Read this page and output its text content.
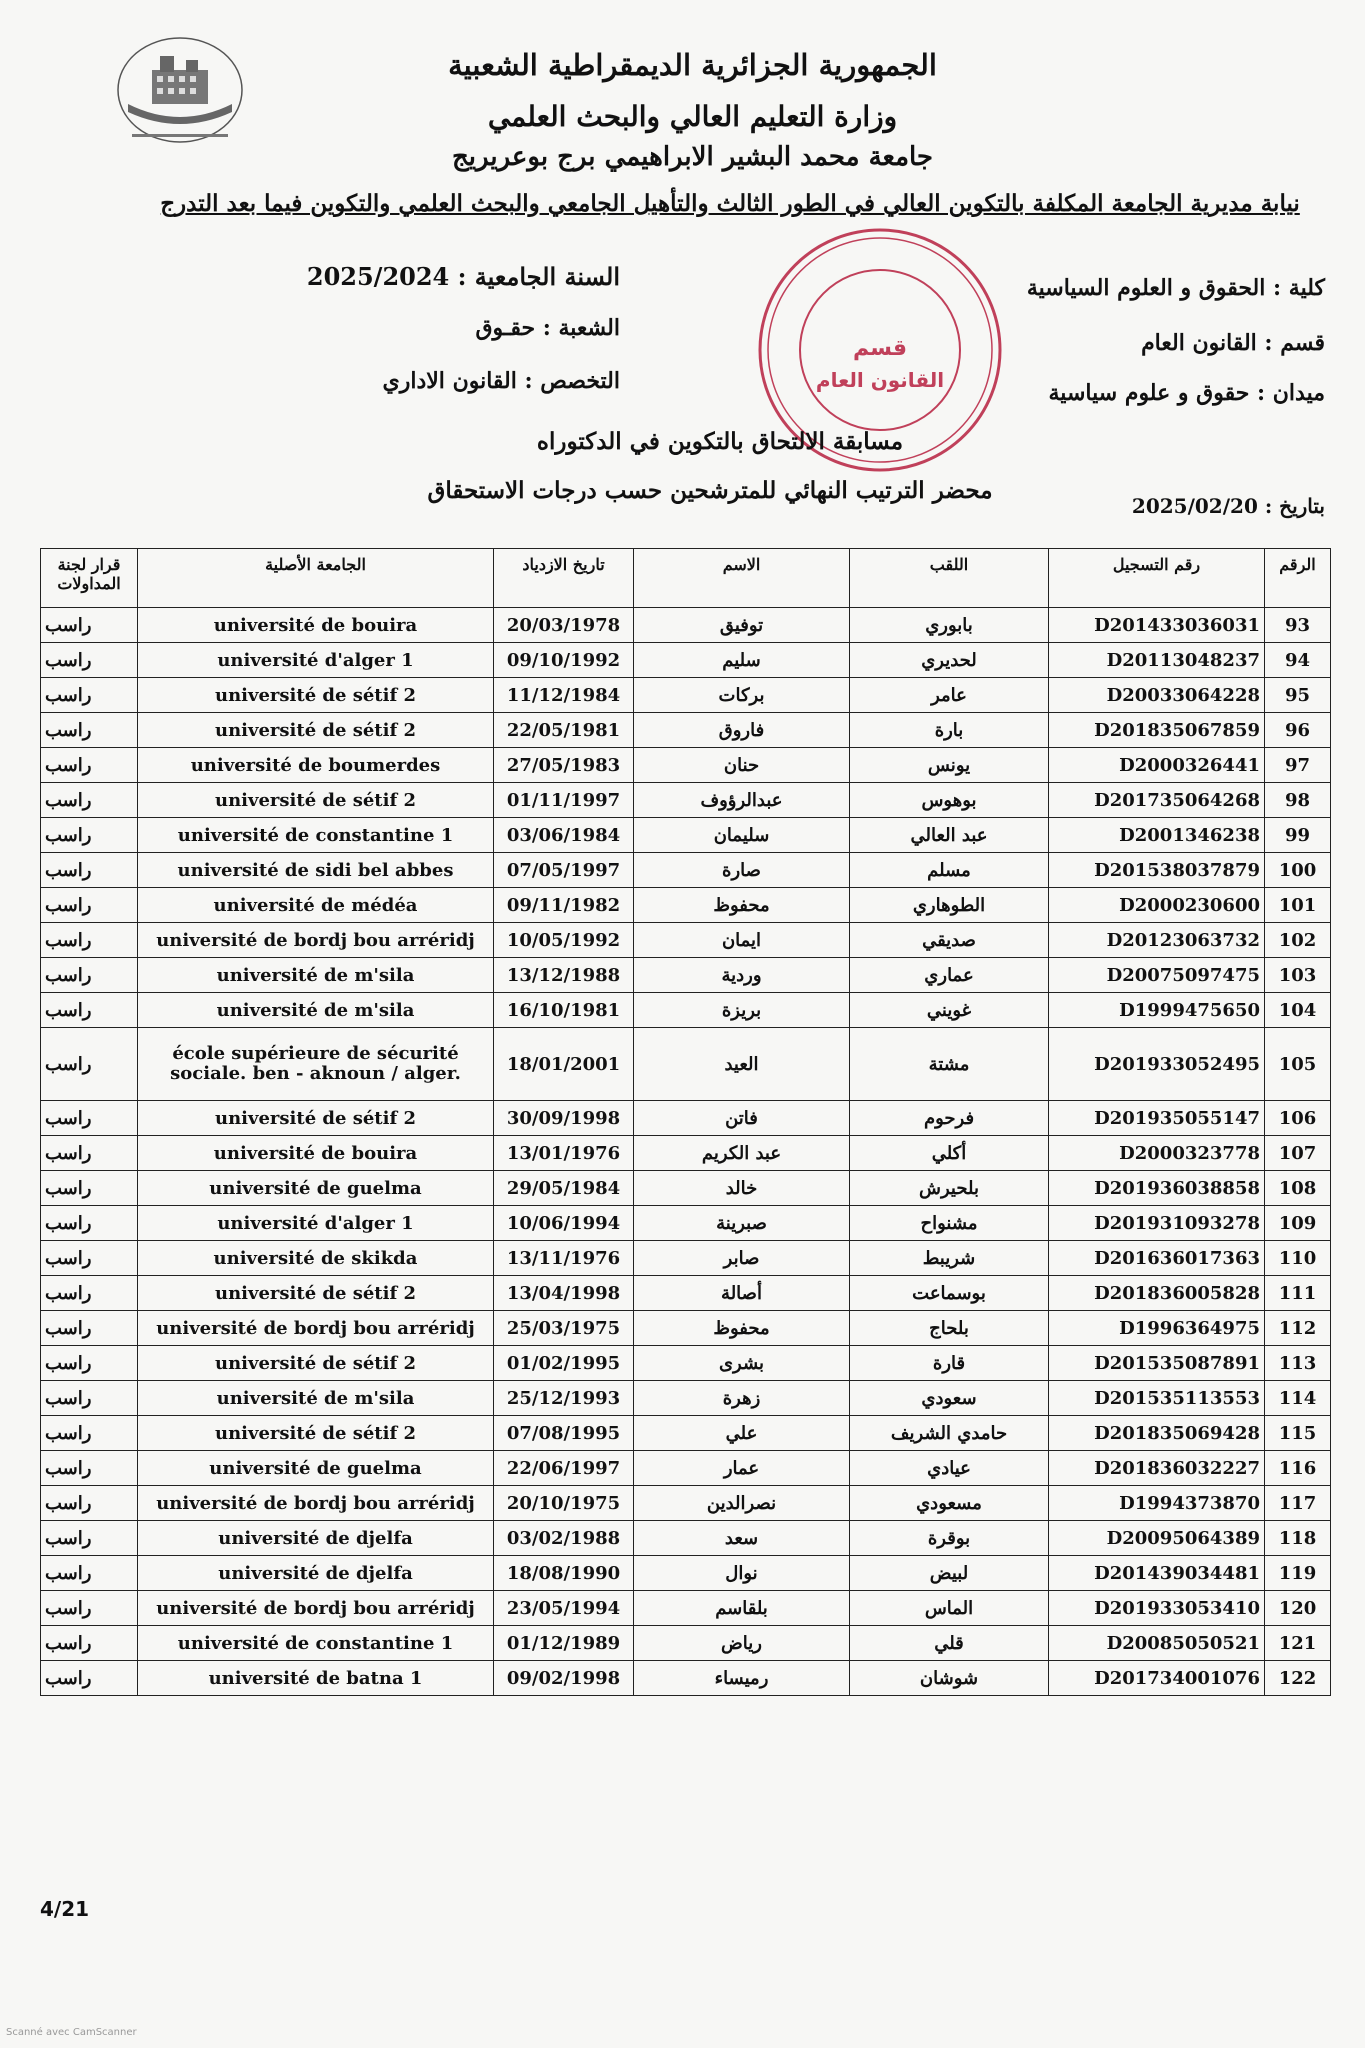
الجمهورية الجزائرية الديمقراطية الشعبية
وزارة التعليم العالي والبحث العلمي
جامعة محمد البشير الابراهيمي برج بوعريريج
نيابة مديرية الجامعة المكلفة بالتكوين العالي في الطور الثالث والتأهيل الجامعي والبحث العلمي والتكوين فيما بعد التدرج
كلية : الحقوق و العلوم السياسية
قسم : القانون العام
ميدان : حقوق و علوم سياسية
السنة الجامعية : 2025/2024
الشعبة : حقـوق
التخصص : القانون الاداري
قسم
القانون العام
مسابقة الالتحاق بالتكوين في الدكتوراه
محضر الترتيب النهائي للمترشحين حسب درجات الاستحقاق
بتاريخ : 2025/02/20
قرار لجنة المداولات	الجامعة الأصلية	تاريخ الازدياد	الاسم	اللقب	رقم التسجيل	الرقم
راسب	université de bouira	20/03/1978	توفيق	بابوري	D201433036031	93
راسب	université d'alger 1	09/10/1992	سليم	لحديري	D20113048237	94
راسب	université de sétif 2	11/12/1984	بركات	عامر	D20033064228	95
راسب	université de sétif 2	22/05/1981	فاروق	بارة	D201835067859	96
راسب	université de boumerdes	27/05/1983	حنان	يونس	D2000326441	97
راسب	université de sétif 2	01/11/1997	عبدالرؤوف	بوهوس	D201735064268	98
راسب	université de constantine 1	03/06/1984	سليمان	عبد العالي	D2001346238	99
راسب	université de sidi bel abbes	07/05/1997	صارة	مسلم	D201538037879	100
راسب	université de médéa	09/11/1982	محفوظ	الطوهاري	D2000230600	101
راسب	université de bordj bou arréridj	10/05/1992	ايمان	صديقي	D20123063732	102
راسب	université de m'sila	13/12/1988	وردية	عماري	D20075097475	103
راسب	université de m'sila	16/10/1981	بريزة	غويني	D1999475650	104
راسب	école supérieure de sécurité sociale. ben - aknoun / alger.	18/01/2001	العيد	مشتة	D201933052495	105
راسب	université de sétif 2	30/09/1998	فاتن	فرحوم	D201935055147	106
راسب	université de bouira	13/01/1976	عبد الكريم	أكلي	D2000323778	107
راسب	université de guelma	29/05/1984	خالد	بلحيرش	D201936038858	108
راسب	université d'alger 1	10/06/1994	صبرينة	مشنواح	D201931093278	109
راسب	université de skikda	13/11/1976	صابر	شريبط	D201636017363	110
راسب	université de sétif 2	13/04/1998	أصالة	بوسماعت	D201836005828	111
راسب	université de bordj bou arréridj	25/03/1975	محفوظ	بلحاج	D1996364975	112
راسب	université de sétif 2	01/02/1995	بشرى	قارة	D201535087891	113
راسب	université de m'sila	25/12/1993	زهرة	سعودي	D201535113553	114
راسب	université de sétif 2	07/08/1995	علي	حامدي الشريف	D201835069428	115
راسب	université de guelma	22/06/1997	عمار	عيادي	D201836032227	116
راسب	université de bordj bou arréridj	20/10/1975	نصرالدين	مسعودي	D1994373870	117
راسب	université de djelfa	03/02/1988	سعد	بوقرة	D20095064389	118
راسب	université de djelfa	18/08/1990	نوال	لبيض	D201439034481	119
راسب	université de bordj bou arréridj	23/05/1994	بلقاسم	الماس	D201933053410	120
راسب	université de constantine 1	01/12/1989	رياض	قلي	D20085050521	121
راسب	université de batna 1	09/02/1998	رميساء	شوشان	D201734001076	122
4/21
Scanné avec CamScanner
